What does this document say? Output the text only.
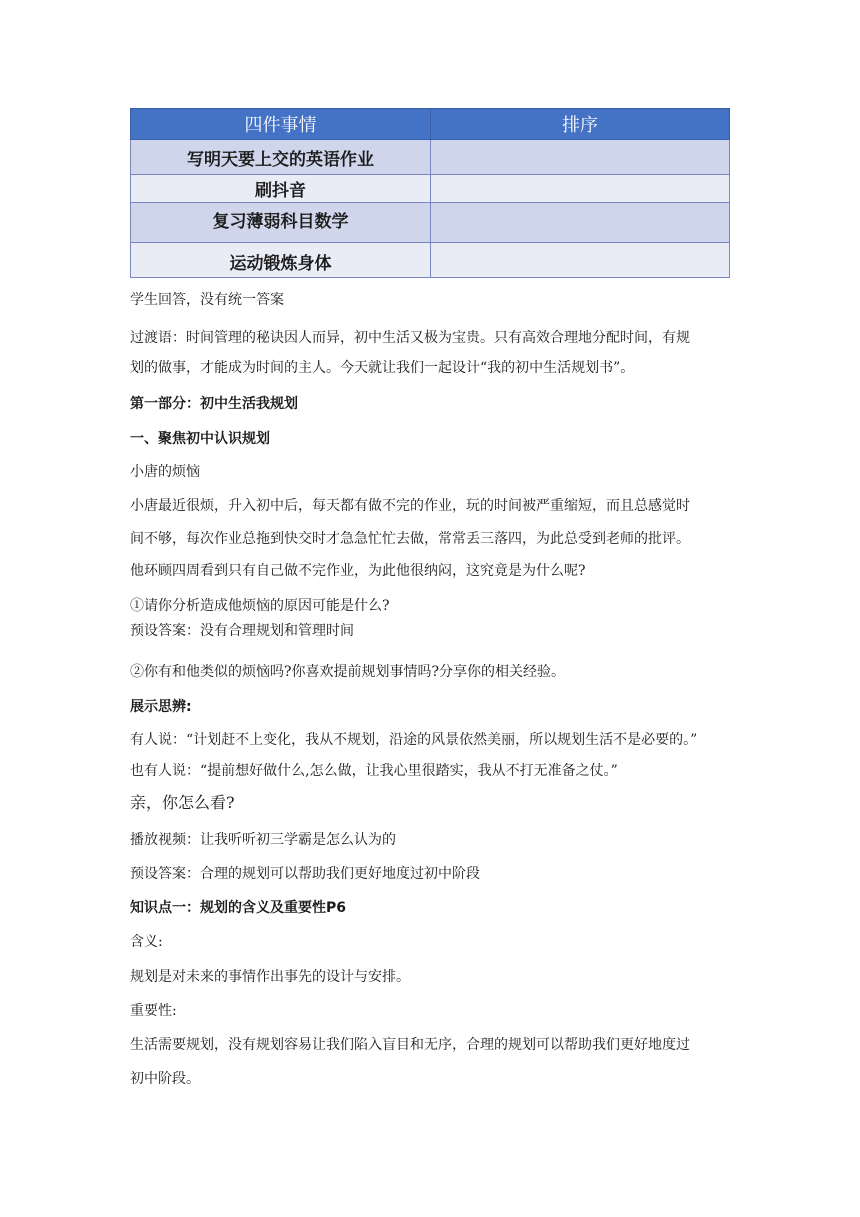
四件事情	排序
写明天要上交的英语作业	
刷抖音	
复习薄弱科目数学	
运动锻炼身体	
学生回答，没有统一答案
过渡语：时间管理的秘诀因人而异，初中生活又极为宝贵。只有高效合理地分配时间，有规
划的做事，才能成为时间的主人。今天就让我们一起设计“我的初中生活规划书”。
第一部分：初中生活我规划
一、聚焦初中认识规划
小唐的烦恼
小唐最近很烦，升入初中后，每天都有做不完的作业，玩的时间被严重缩短，而且总感觉时
间不够，每次作业总拖到快交时才急急忙忙去做，常常丢三落四，为此总受到老师的批评。
他环顾四周看到只有自己做不完作业，为此他很纳闷，这究竟是为什么呢?
①请你分析造成他烦恼的原因可能是什么?
预设答案：没有合理规划和管理时间
②你有和他类似的烦恼吗?你喜欢提前规划事情吗?分享你的相关经验。
展示思辨:
有人说：“计划赶不上变化，我从不规划，沿途的风景依然美丽，所以规划生活不是必要的。”
也有人说：“提前想好做什么,怎么做，让我心里很踏实，我从不打无准备之仗。”
亲，你怎么看?
播放视频：让我听听初三学霸是怎么认为的
预设答案：合理的规划可以帮助我们更好地度过初中阶段
知识点一：规划的含义及重要性P6
含义:
规划是对未来的事情作出事先的设计与安排。
重要性:
生活需要规划，没有规划容易让我们陷入盲目和无序，合理的规划可以帮助我们更好地度过
初中阶段。
